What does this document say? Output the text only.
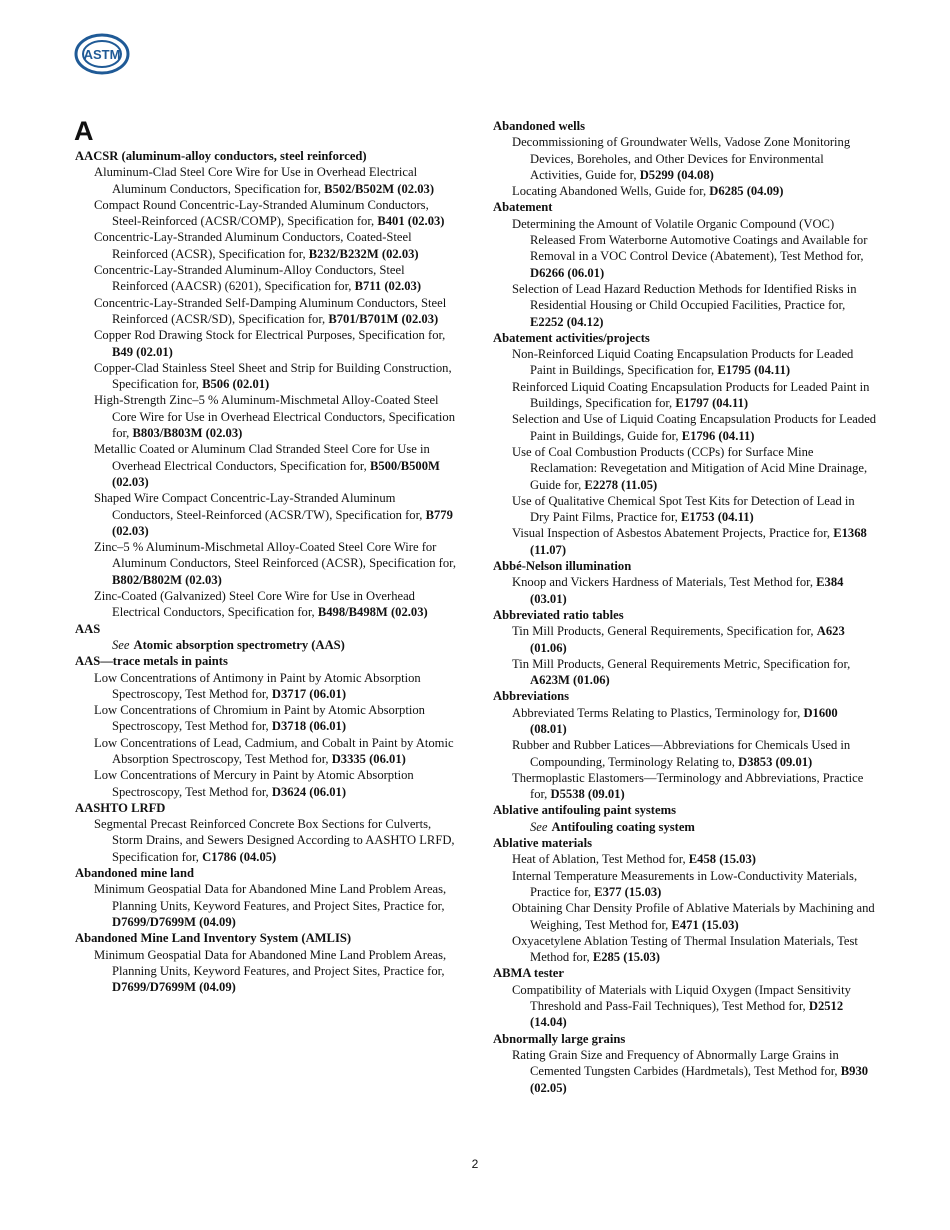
ASTM
A
AACSR (aluminum-alloy conductors, steel reinforced)
Aluminum-Clad Steel Core Wire for Use in Overhead Electrical Aluminum Conductors, Specification for, B502/B502M (02.03)
Compact Round Concentric-Lay-Stranded Aluminum Conductors, Steel-Reinforced (ACSR/COMP), Specification for, B401 (02.03)
Concentric-Lay-Stranded Aluminum Conductors, Coated-Steel Reinforced (ACSR), Specification for, B232/B232M (02.03)
Concentric-Lay-Stranded Aluminum-Alloy Conductors, Steel Reinforced (AACSR) (6201), Specification for, B711 (02.03)
Concentric-Lay-Stranded Self-Damping Aluminum Conductors, Steel Reinforced (ACSR/SD), Specification for, B701/B701M (02.03)
Copper Rod Drawing Stock for Electrical Purposes, Specification for, B49 (02.01)
Copper-Clad Stainless Steel Sheet and Strip for Building Construction, Specification for, B506 (02.01)
High-Strength Zinc–5 % Aluminum-Mischmetal Alloy-Coated Steel Core Wire for Use in Overhead Electrical Conductors, Specification for, B803/B803M (02.03)
Metallic Coated or Aluminum Clad Stranded Steel Core for Use in Overhead Electrical Conductors, Specification for, B500/B500M (02.03)
Shaped Wire Compact Concentric-Lay-Stranded Aluminum Conductors, Steel-Reinforced (ACSR/TW), Specification for, B779 (02.03)
Zinc–5 % Aluminum-Mischmetal Alloy-Coated Steel Core Wire for Aluminum Conductors, Steel Reinforced (ACSR), Specification for, B802/B802M (02.03)
Zinc-Coated (Galvanized) Steel Core Wire for Use in Overhead Electrical Conductors, Specification for, B498/B498M (02.03)
AAS
See Atomic absorption spectrometry (AAS)
AAS—trace metals in paints
Low Concentrations of Antimony in Paint by Atomic Absorption Spectroscopy, Test Method for, D3717 (06.01)
Low Concentrations of Chromium in Paint by Atomic Absorption Spectroscopy, Test Method for, D3718 (06.01)
Low Concentrations of Lead, Cadmium, and Cobalt in Paint by Atomic Absorption Spectroscopy, Test Method for, D3335 (06.01)
Low Concentrations of Mercury in Paint by Atomic Absorption Spectroscopy, Test Method for, D3624 (06.01)
AASHTO LRFD
Segmental Precast Reinforced Concrete Box Sections for Culverts, Storm Drains, and Sewers Designed According to AASHTO LRFD, Specification for, C1786 (04.05)
Abandoned mine land
Minimum Geospatial Data for Abandoned Mine Land Problem Areas, Planning Units, Keyword Features, and Project Sites, Practice for, D7699/D7699M (04.09)
Abandoned Mine Land Inventory System (AMLIS)
Minimum Geospatial Data for Abandoned Mine Land Problem Areas, Planning Units, Keyword Features, and Project Sites, Practice for, D7699/D7699M (04.09)
Abandoned wells
Decommissioning of Groundwater Wells, Vadose Zone Monitoring Devices, Boreholes, and Other Devices for Environmental Activities, Guide for, D5299 (04.08)
Locating Abandoned Wells, Guide for, D6285 (04.09)
Abatement
Determining the Amount of Volatile Organic Compound (VOC) Released From Waterborne Automotive Coatings and Available for Removal in a VOC Control Device (Abatement), Test Method for, D6266 (06.01)
Selection of Lead Hazard Reduction Methods for Identified Risks in Residential Housing or Child Occupied Facilities, Practice for, E2252 (04.12)
Abatement activities/projects
Non-Reinforced Liquid Coating Encapsulation Products for Leaded Paint in Buildings, Specification for, E1795 (04.11)
Reinforced Liquid Coating Encapsulation Products for Leaded Paint in Buildings, Specification for, E1797 (04.11)
Selection and Use of Liquid Coating Encapsulation Products for Leaded Paint in Buildings, Guide for, E1796 (04.11)
Use of Coal Combustion Products (CCPs) for Surface Mine Reclamation: Revegetation and Mitigation of Acid Mine Drainage, Guide for, E2278 (11.05)
Use of Qualitative Chemical Spot Test Kits for Detection of Lead in Dry Paint Films, Practice for, E1753 (04.11)
Visual Inspection of Asbestos Abatement Projects, Practice for, E1368 (11.07)
Abbé-Nelson illumination
Knoop and Vickers Hardness of Materials, Test Method for, E384 (03.01)
Abbreviated ratio tables
Tin Mill Products, General Requirements, Specification for, A623 (01.06)
Tin Mill Products, General Requirements Metric, Specification for, A623M (01.06)
Abbreviations
Abbreviated Terms Relating to Plastics, Terminology for, D1600 (08.01)
Rubber and Rubber Latices—Abbreviations for Chemicals Used in Compounding, Terminology Relating to, D3853 (09.01)
Thermoplastic Elastomers—Terminology and Abbreviations, Practice for, D5538 (09.01)
Ablative antifouling paint systems
See Antifouling coating system
Ablative materials
Heat of Ablation, Test Method for, E458 (15.03)
Internal Temperature Measurements in Low-Conductivity Materials, Practice for, E377 (15.03)
Obtaining Char Density Profile of Ablative Materials by Machining and Weighing, Test Method for, E471 (15.03)
Oxyacetylene Ablation Testing of Thermal Insulation Materials, Test Method for, E285 (15.03)
ABMA tester
Compatibility of Materials with Liquid Oxygen (Impact Sensitivity Threshold and Pass-Fail Techniques), Test Method for, D2512 (14.04)
Abnormally large grains
Rating Grain Size and Frequency of Abnormally Large Grains in Cemented Tungsten Carbides (Hardmetals), Test Method for, B930 (02.05)
2
